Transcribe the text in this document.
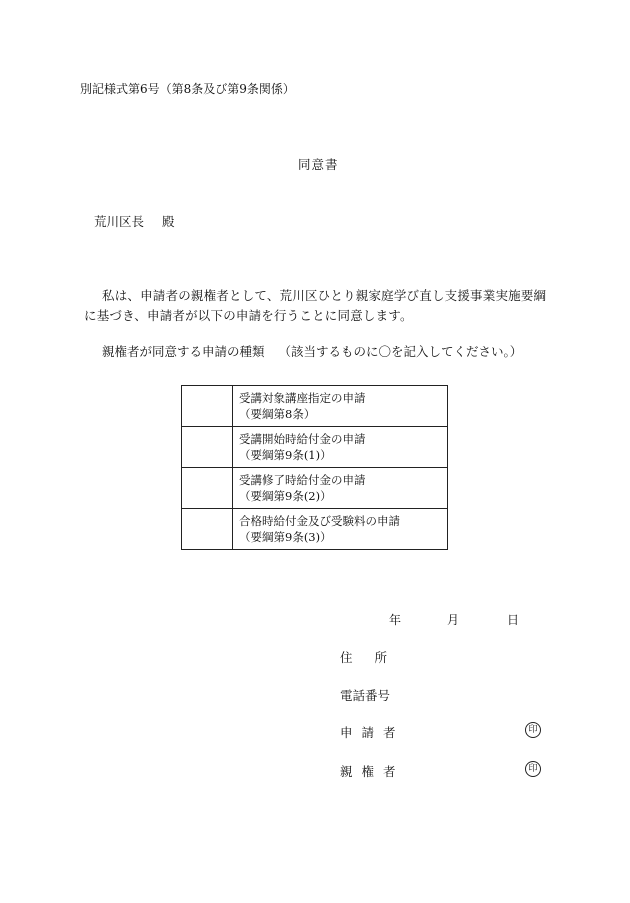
別記様式第6号（第8条及び第9条関係）
同意書
荒川区長 殿
私は、申請者の親権者として、荒川区ひとり親家庭学び直し支援事業実施要綱に基づき、申請者が以下の申請を行うことに同意します。
親権者が同意する申請の種類 （該当するものに〇を記入してください。）

	受講対象講座指定の申請
（要綱第8条）

	受講開始時給付金の申請
（要綱第9条(1)）

	受講修了時給付金の申請
（要綱第9条(2)）

	合格時給付金及び受験料の申請
（要綱第9条(3)）
年	月	日
住所
電話番号
申請者
親権者
印
印
